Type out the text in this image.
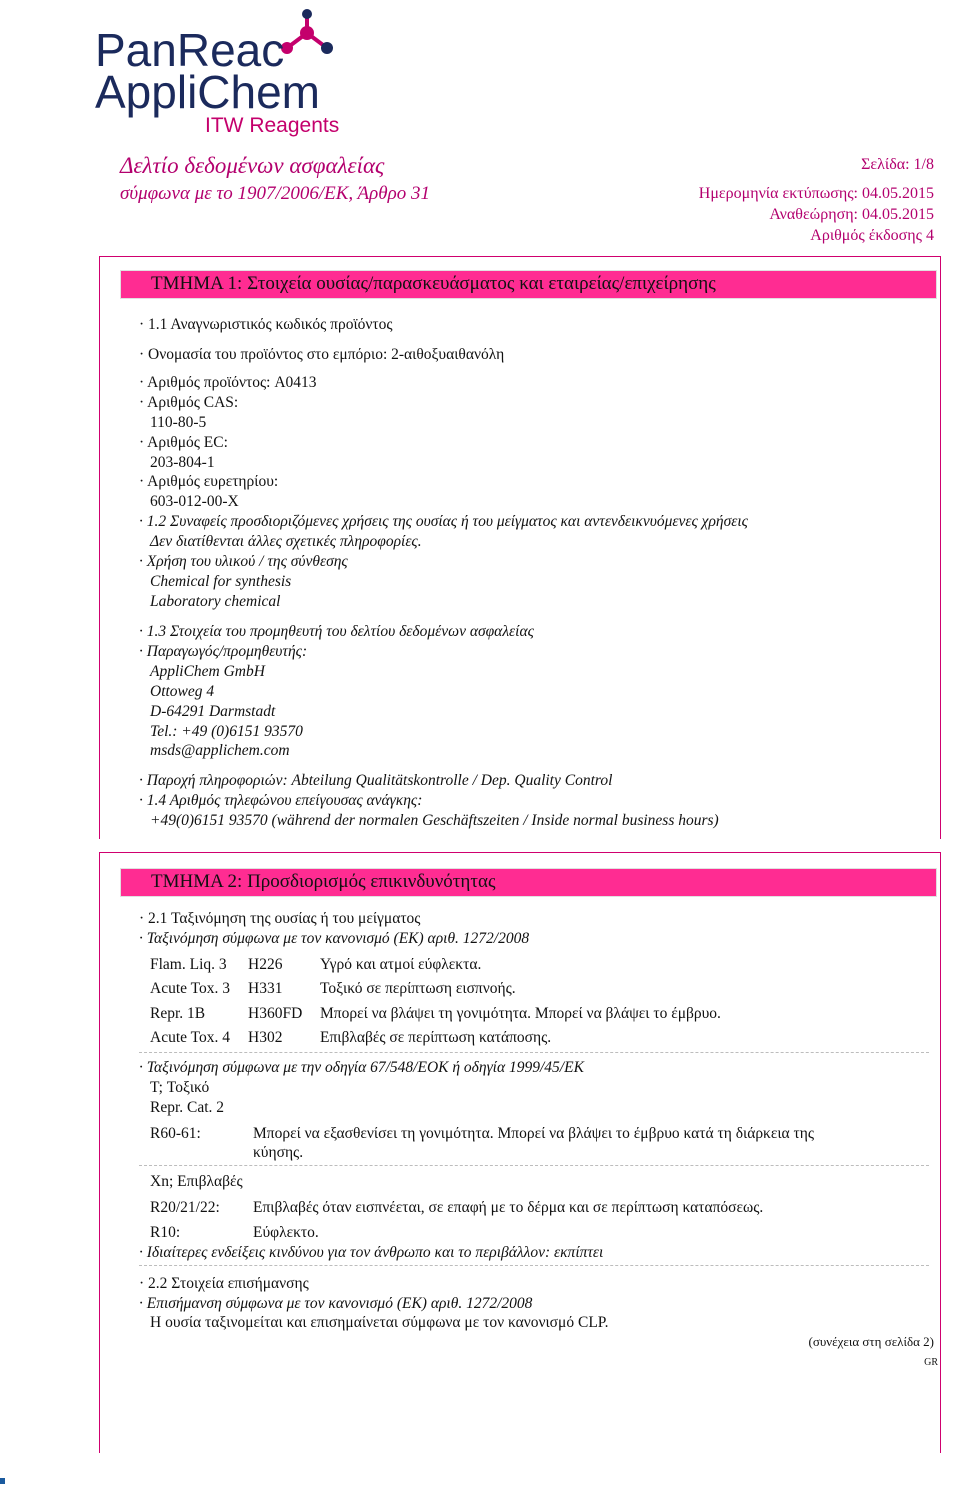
PanReac
AppliChem
ITW Reagents
Δελτίο δεδομένων ασφαλείας
σύμφωνα με το 1907/2006/ΕΚ, Άρθρο 31
Σελίδα: 1/8
Ημερομηνία εκτύπωσης: 04.05.2015
Αναθεώρηση: 04.05.2015
Αριθμός έκδοσης 4
ΤΜΗΜΑ 1: Στοιχεία ουσίας/παρασκευάσματος και εταιρείας/επιχείρησης
· 1.1 Αναγνωριστικός κωδικός προϊόντος
· Ονομασία του προϊόντος στο εμπόριο: 2-αιθοξυαιθανόλη
· Αριθμός προϊόντος: A0413
· Αριθμός CAS:
110-80-5
· Αριθμός EC:
203-804-1
· Αριθμός ευρετηρίου:
603-012-00-X
· 1.2 Συναφείς προσδιοριζόμενες χρήσεις της ουσίας ή του μείγματος και αντενδεικνυόμενες χρήσεις
Δεν διατίθενται άλλες σχετικές πληροφορίες.
· Χρήση του υλικού / της σύνθεσης
Chemical for synthesis
Laboratory chemical
· 1.3 Στοιχεία του προμηθευτή του δελτίου δεδομένων ασφαλείας
· Παραγωγός/προμηθευτής:
AppliChem GmbH
Ottoweg 4
D-64291 Darmstadt
Tel.: +49 (0)6151 93570
msds@applichem.com
· Παροχή πληροφοριών: Abteilung Qualitätskontrolle / Dep. Quality Control
· 1.4 Αριθμός τηλεφώνου επείγουσας ανάγκης:
+49(0)6151 93570 (während der normalen Geschäftszeiten / Inside normal business hours)
ΤΜΗΜΑ 2: Προσδιορισμός επικινδυνότητας
· 2.1 Ταξινόμηση της ουσίας ή του μείγματος
· Ταξινόμηση σύμφωνα με τον κανονισμό (ΕΚ) αριθ. 1272/2008
Flam. Liq. 3 H226 Υγρό και ατμοί εύφλεκτα.
Acute Tox. 3 H331 Τοξικό σε περίπτωση εισπνοής.
Repr. 1B	H360FD Μπορεί να βλάψει τη γονιμότητα. Μπορεί να βλάψει το έμβρυο.
Acute Tox. 4 H302 Επιβλαβές σε περίπτωση κατάποσης.
· Ταξινόμηση σύμφωνα με την οδηγία 67/548/ΕΟΚ ή οδηγία 1999/45/ΕΚ
T; Τοξικό
Repr. Cat. 2
R60-61:	Μπορεί να εξασθενίσει τη γονιμότητα. Μπορεί να βλάψει το έμβρυο κατά τη διάρκεια της
κύησης.
Xn; Επιβλαβές
R20/21/22: Επιβλαβές όταν εισπνέεται, σε επαφή με το δέρμα και σε περίπτωση καταπόσεως.
R10:	Εύφλεκτο.
· Ιδιαίτερες ενδείξεις κινδύνου για τον άνθρωπο και το περιβάλλον: εκπίπτει
· 2.2 Στοιχεία επισήμανσης
· Επισήμανση σύμφωνα με τον κανονισμό (ΕΚ) αριθ. 1272/2008
Η ουσία ταξινομείται και επισημαίνεται σύμφωνα με τον κανονισμό CLP.
(συνέχεια στη σελίδα 2)
GR
